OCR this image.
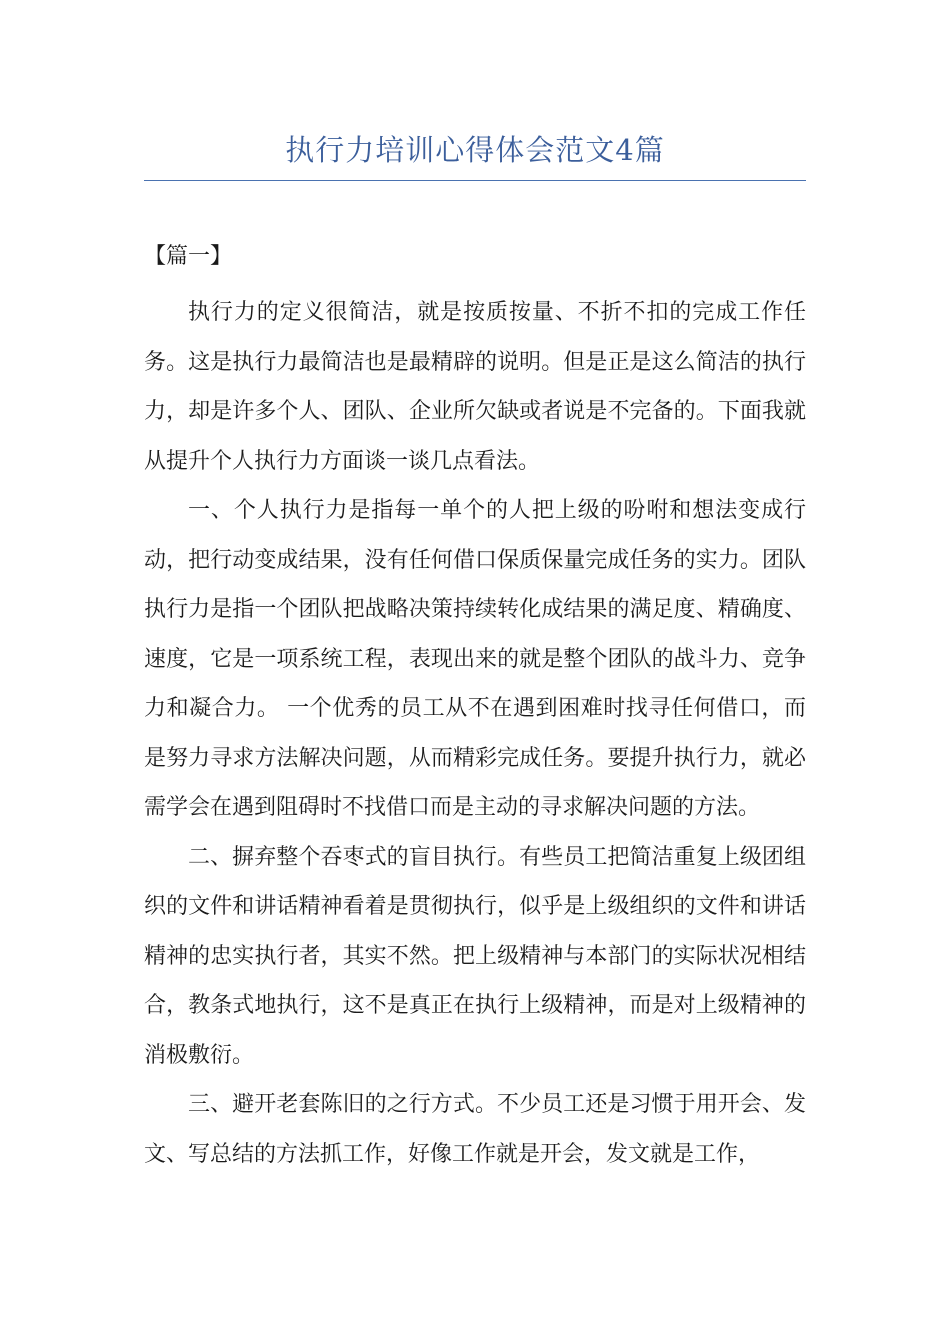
执行力培训心得体会范文4篇

【篇一】

执行力的定义很简洁，就是按质按量、不折不扣的完成工作任务。这是执行力最简洁也是最精辟的说明。但是正是这么简洁的执行力，却是许多个人、团队、企业所欠缺或者说是不完备的。下面我就从提升个人执行力方面谈一谈几点看法。

一、个人执行力是指每一单个的人把上级的吩咐和想法变成行动，把行动变成结果，没有任何借口保质保量完成任务的实力。团队执行力是指一个团队把战略决策持续转化成结果的满足度、精确度、速度，它是一项系统工程，表现出来的就是整个团队的战斗力、竞争力和凝合力。 一个优秀的员工从不在遇到困难时找寻任何借口，而是努力寻求方法解决问题，从而精彩完成任务。要提升执行力，就必需学会在遇到阻碍时不找借口而是主动的寻求解决问题的方法。

二、摒弃整个吞枣式的盲目执行。有些员工把简洁重复上级团组织的文件和讲话精神看着是贯彻执行，似乎是上级组织的文件和讲话精神的忠实执行者，其实不然。把上级精神与本部门的实际状况相结合，教条式地执行，这不是真正在执行上级精神，而是对上级精神的消极敷衍。

三、避开老套陈旧的之行方式。不少员工还是习惯于用开会、发文、写总结的方法抓工作，好像工作就是开会，发文就是工作，
